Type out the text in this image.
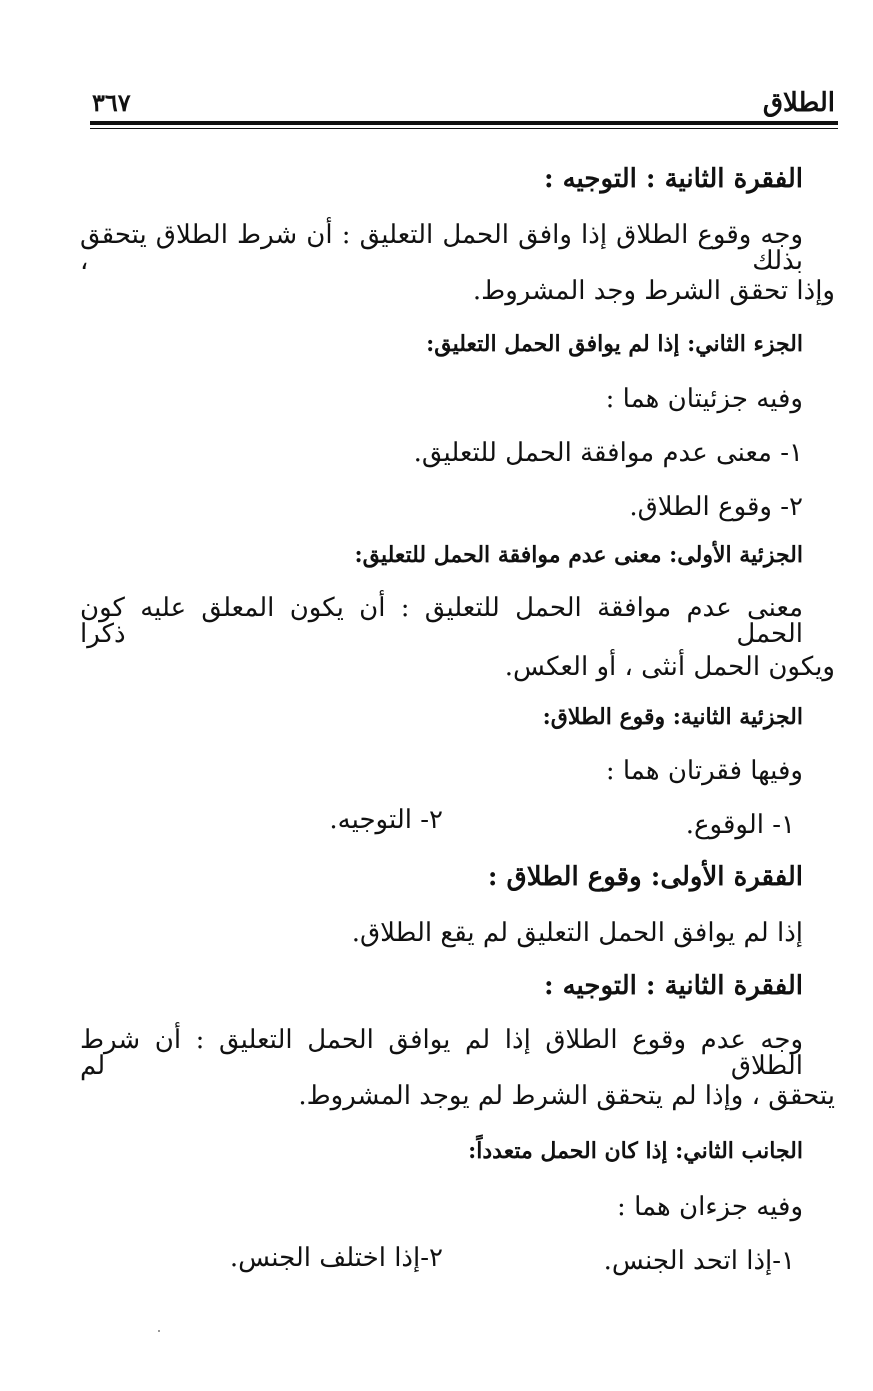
الطلاق
٣٦٧
الفقرة الثانية : التوجيه :
وجه وقوع الطلاق إذا وافق الحمل التعليق : أن شرط الطلاق يتحقق بذلك ،
وإذا تحقق الشرط وجد المشروط.
الجزء الثاني: إذا لم يوافق الحمل التعليق:
وفيه جزئيتان هما :
١- معنى عدم موافقة الحمل للتعليق.
٢- وقوع الطلاق.
الجزئية الأولى: معنى عدم موافقة الحمل للتعليق:
معنى عدم موافقة الحمل للتعليق : أن يكون المعلق عليه كون الحمل ذكرا
ويكون الحمل أنثى ، أو العكس.
الجزئية الثانية: وقوع الطلاق:
وفيها فقرتان هما :
١- الوقوع.
٢- التوجيه.
الفقرة الأولى: وقوع الطلاق :
إذا لم يوافق الحمل التعليق لم يقع الطلاق.
الفقرة الثانية : التوجيه :
وجه عدم وقوع الطلاق إذا لم يوافق الحمل التعليق : أن شرط الطلاق لم
يتحقق ، وإذا لم يتحقق الشرط لم يوجد المشروط.
الجانب الثاني: إذا كان الحمل متعدداً:
وفيه جزءان هما :
١-إذا اتحد الجنس.
٢-إذا اختلف الجنس.
